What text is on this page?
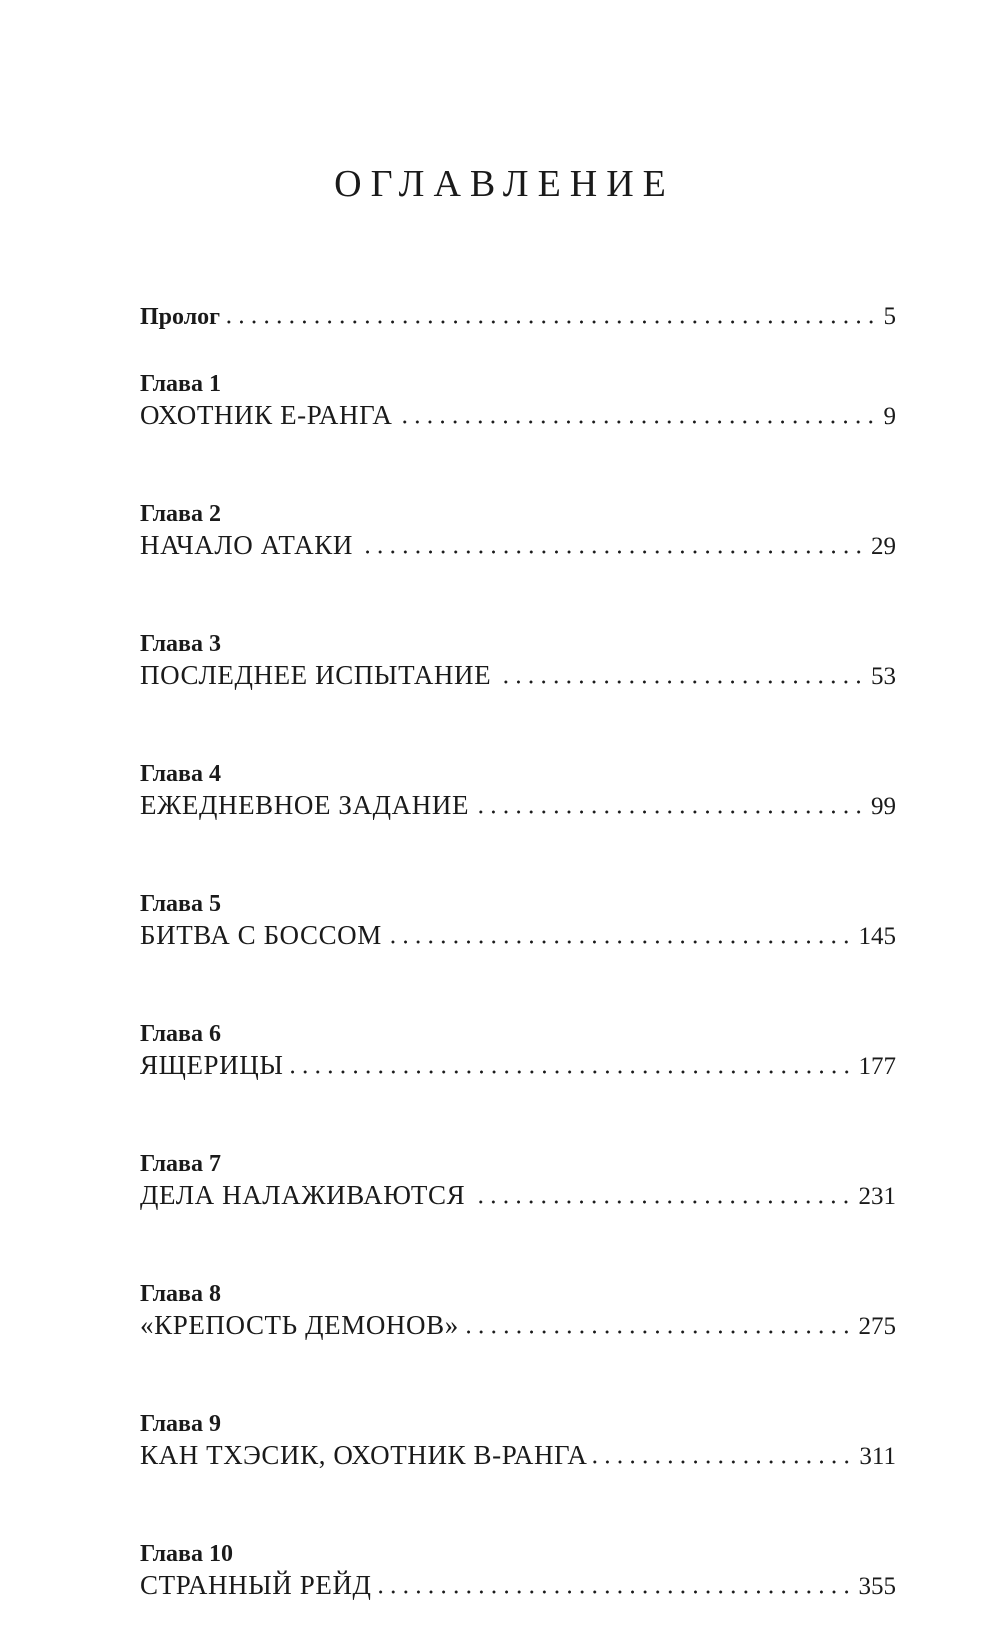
ОГЛАВЛЕНИЕ
Пролог	5
Глава 1
ОХОТНИК Е-РАНГА	9
Глава 2
НАЧАЛО АТАКИ	29
Глава 3
ПОСЛЕДНЕЕ ИСПЫТАНИЕ	53
Глава 4
ЕЖЕДНЕВНОЕ ЗАДАНИЕ	99
Глава 5
БИТВА С БОССОМ	145
Глава 6
ЯЩЕРИЦЫ	177
Глава 7
ДЕЛА НАЛАЖИВАЮТСЯ	231
Глава 8
«КРЕПОСТЬ ДЕМОНОВ»	275
Глава 9
КАН ТХЭСИК, ОХОТНИК В-РАНГА	311
Глава 10
СТРАННЫЙ РЕЙД	355
